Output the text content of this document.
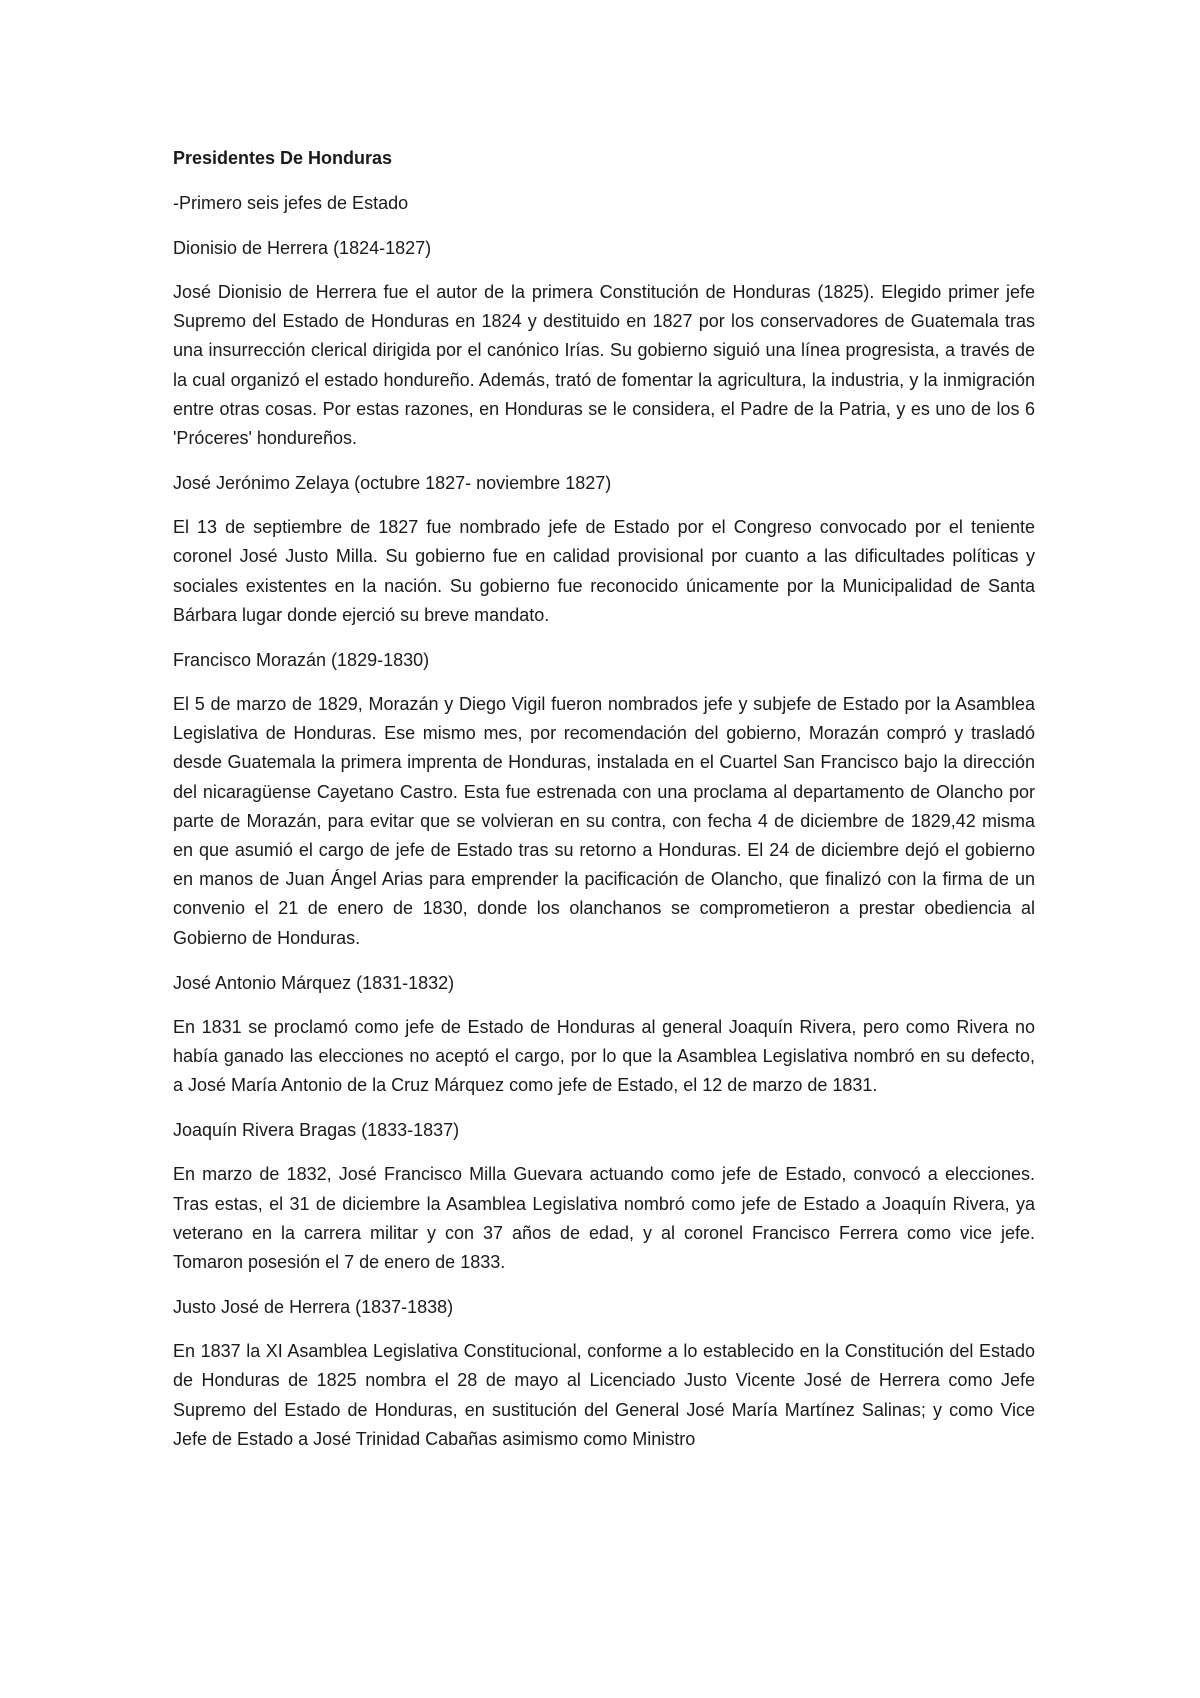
Presidentes De Honduras
-Primero seis jefes de Estado
Dionisio de Herrera (1824-1827)
José Dionisio de Herrera fue el autor de la primera Constitución de Honduras (1825). Elegido primer jefe Supremo del Estado de Honduras en 1824 y destituido en 1827 por los conservadores de Guatemala tras una insurrección clerical dirigida por el canónico Irías. Su gobierno siguió una línea progresista, a través de la cual organizó el estado hondureño. Además, trató de fomentar la agricultura, la industria, y la inmigración entre otras cosas. Por estas razones, en Honduras se le considera, el Padre de la Patria, y es uno de los 6 'Próceres' hondureños.
José Jerónimo Zelaya (octubre 1827- noviembre 1827)
El 13 de septiembre de 1827 fue nombrado jefe de Estado por el Congreso convocado por el teniente coronel José Justo Milla. Su gobierno fue en calidad provisional por cuanto a las dificultades políticas y sociales existentes en la nación. Su gobierno fue reconocido únicamente por la Municipalidad de Santa Bárbara lugar donde ejerció su breve mandato.
Francisco Morazán (1829-1830)
El 5 de marzo de 1829, Morazán y Diego Vigil fueron nombrados jefe y subjefe de Estado por la Asamblea Legislativa de Honduras. Ese mismo mes, por recomendación del gobierno, Morazán compró y trasladó desde Guatemala la primera imprenta de Honduras, instalada en el Cuartel San Francisco bajo la dirección del nicaragüense Cayetano Castro. Esta fue estrenada con una proclama al departamento de Olancho por parte de Morazán, para evitar que se volvieran en su contra, con fecha 4 de diciembre de 1829,42 misma en que asumió el cargo de jefe de Estado tras su retorno a Honduras. El 24 de diciembre dejó el gobierno en manos de Juan Ángel Arias para emprender la pacificación de Olancho, que finalizó con la firma de un convenio el 21 de enero de 1830, donde los olanchanos se comprometieron a prestar obediencia al Gobierno de Honduras.
José Antonio Márquez (1831-1832)
En 1831 se proclamó como jefe de Estado de Honduras al general Joaquín Rivera, pero como Rivera no había ganado las elecciones no aceptó el cargo, por lo que la Asamblea Legislativa nombró en su defecto, a José María Antonio de la Cruz Márquez como jefe de Estado, el 12 de marzo de 1831.
Joaquín Rivera Bragas (1833-1837)
En marzo de 1832, José Francisco Milla Guevara actuando como jefe de Estado, convocó a elecciones. Tras estas, el 31 de diciembre la Asamblea Legislativa nombró como jefe de Estado a Joaquín Rivera, ya veterano en la carrera militar y con 37 años de edad, y al coronel Francisco Ferrera como vice jefe. Tomaron posesión el 7 de enero de 1833.
Justo José de Herrera (1837-1838)
En 1837 la XI Asamblea Legislativa Constitucional, conforme a lo establecido en la Constitución del Estado de Honduras de 1825 nombra el 28 de mayo al Licenciado Justo Vicente José de Herrera como Jefe Supremo del Estado de Honduras, en sustitución del General José María Martínez Salinas; y como Vice Jefe de Estado a José Trinidad Cabañas asimismo como Ministro
